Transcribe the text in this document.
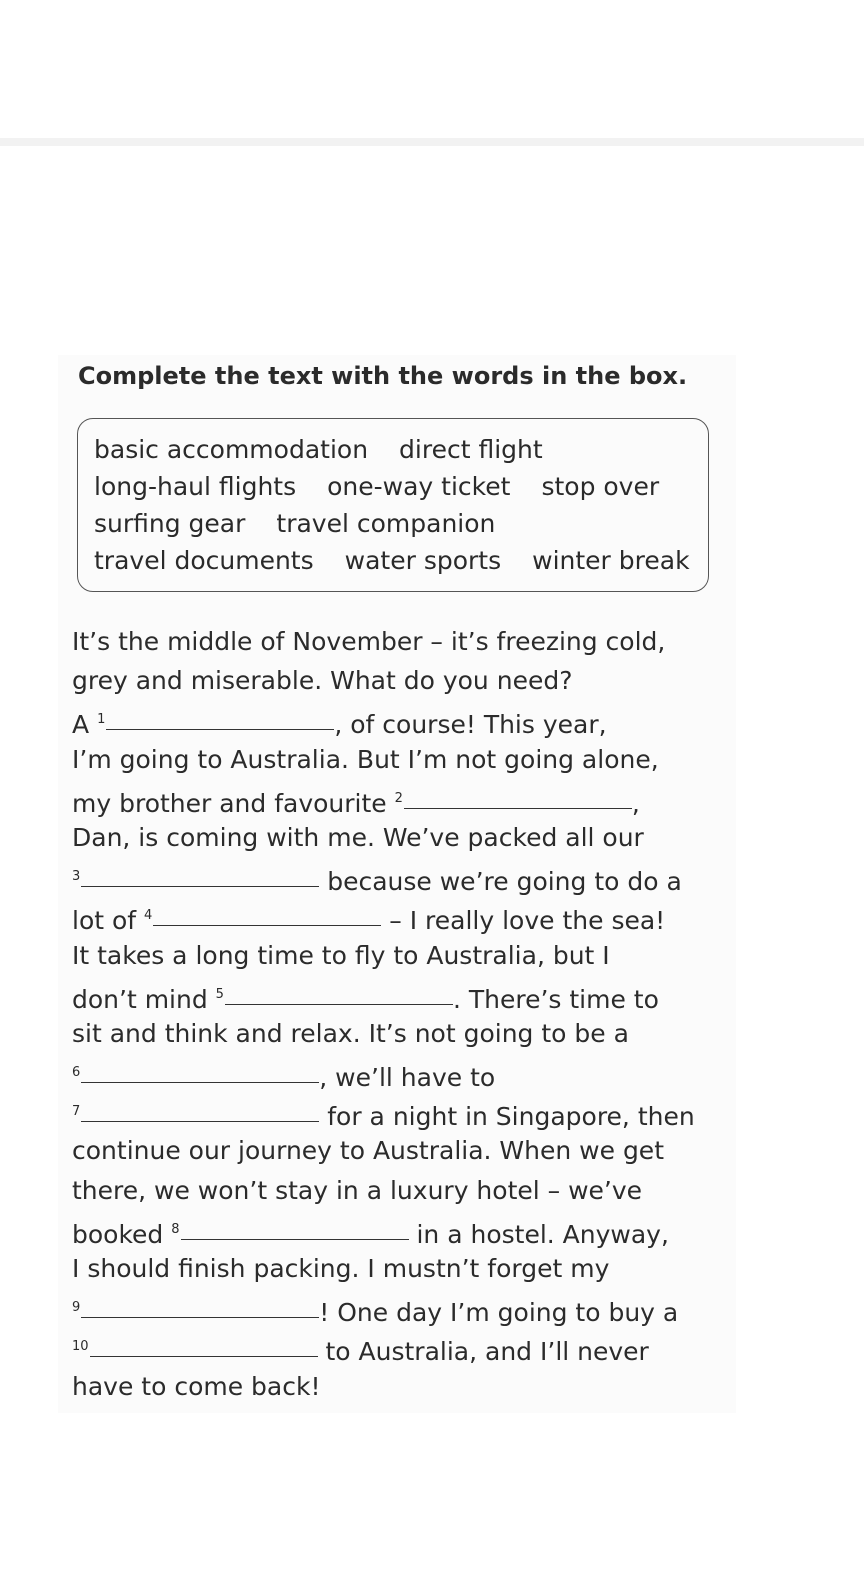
Complete the text with the words in the box.

basic accommodation direct flight
long-haul flights one-way ticket stop over
surfing gear travel companion
travel documents water sports winter break
It’s the middle of November – it’s freezing cold,
grey and miserable. What do you need?
A $^1$	, of course! This year,
I’m going to Australia. But I’m not going alone,
my brother and favourite $^2$	,
Dan, is coming with me. We’ve packed all our
$^3$	because we’re going to do a
lot of $^4$	– I really love the sea!
It takes a long time to fly to Australia, but I
don’t mind $^5$	. There’s time to
sit and think and relax. It’s not going to be a
$^6$	, we’ll have to
$^7$	for a night in Singapore, then
continue our journey to Australia. When we get
there, we won’t stay in a luxury hotel – we’ve
booked $^8$	in a hostel. Anyway,
I should finish packing. I mustn’t forget my
$^9$	! One day I’m going to buy a
$^{10}$	to Australia, and I’ll never
have to come back!
